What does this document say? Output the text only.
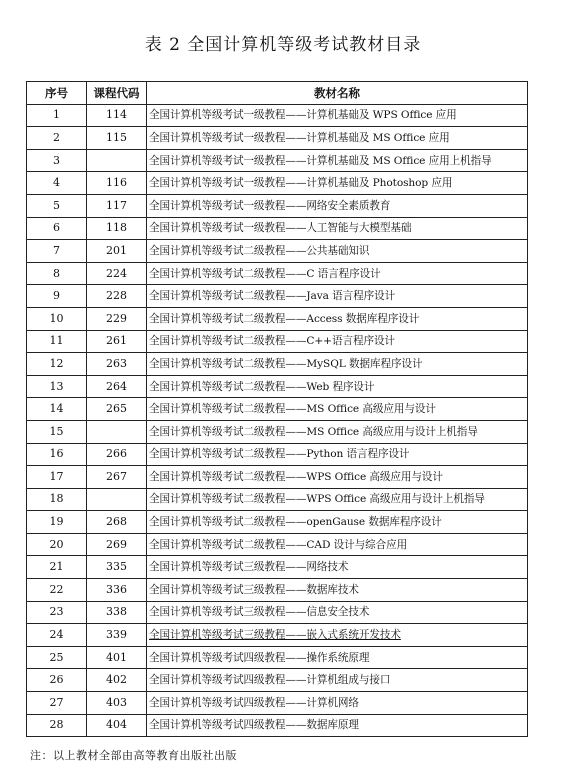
表 2 全国计算机等级考试教材目录
序号	课程代码	教材名称
1	114	全国计算机等级考试一级教程——计算机基础及 WPS Office 应用
2	115	全国计算机等级考试一级教程——计算机基础及 MS Office 应用
3		全国计算机等级考试一级教程——计算机基础及 MS Office 应用上机指导
4	116	全国计算机等级考试一级教程——计算机基础及 Photoshop 应用
5	117	全国计算机等级考试一级教程——网络安全素质教育
6	118	全国计算机等级考试一级教程——人工智能与大模型基础
7	201	全国计算机等级考试二级教程——公共基础知识
8	224	全国计算机等级考试二级教程——C 语言程序设计
9	228	全国计算机等级考试二级教程——Java 语言程序设计
10	229	全国计算机等级考试二级教程——Access 数据库程序设计
11	261	全国计算机等级考试二级教程——C++语言程序设计
12	263	全国计算机等级考试二级教程——MySQL 数据库程序设计
13	264	全国计算机等级考试二级教程——Web 程序设计
14	265	全国计算机等级考试二级教程——MS Office 高级应用与设计
15		全国计算机等级考试二级教程——MS Office 高级应用与设计上机指导
16	266	全国计算机等级考试二级教程——Python 语言程序设计
17	267	全国计算机等级考试二级教程——WPS Office 高级应用与设计
18		全国计算机等级考试二级教程——WPS Office 高级应用与设计上机指导
19	268	全国计算机等级考试二级教程——openGause 数据库程序设计
20	269	全国计算机等级考试二级教程——CAD 设计与综合应用
21	335	全国计算机等级考试三级教程——网络技术
22	336	全国计算机等级考试三级教程——数据库技术
23	338	全国计算机等级考试三级教程——信息安全技术
24	339	全国计算机等级考试三级教程——嵌入式系统开发技术
25	401	全国计算机等级考试四级教程——操作系统原理
26	402	全国计算机等级考试四级教程——计算机组成与接口
27	403	全国计算机等级考试四级教程——计算机网络
28	404	全国计算机等级考试四级教程——数据库原理
注：以上教材全部由高等教育出版社出版
